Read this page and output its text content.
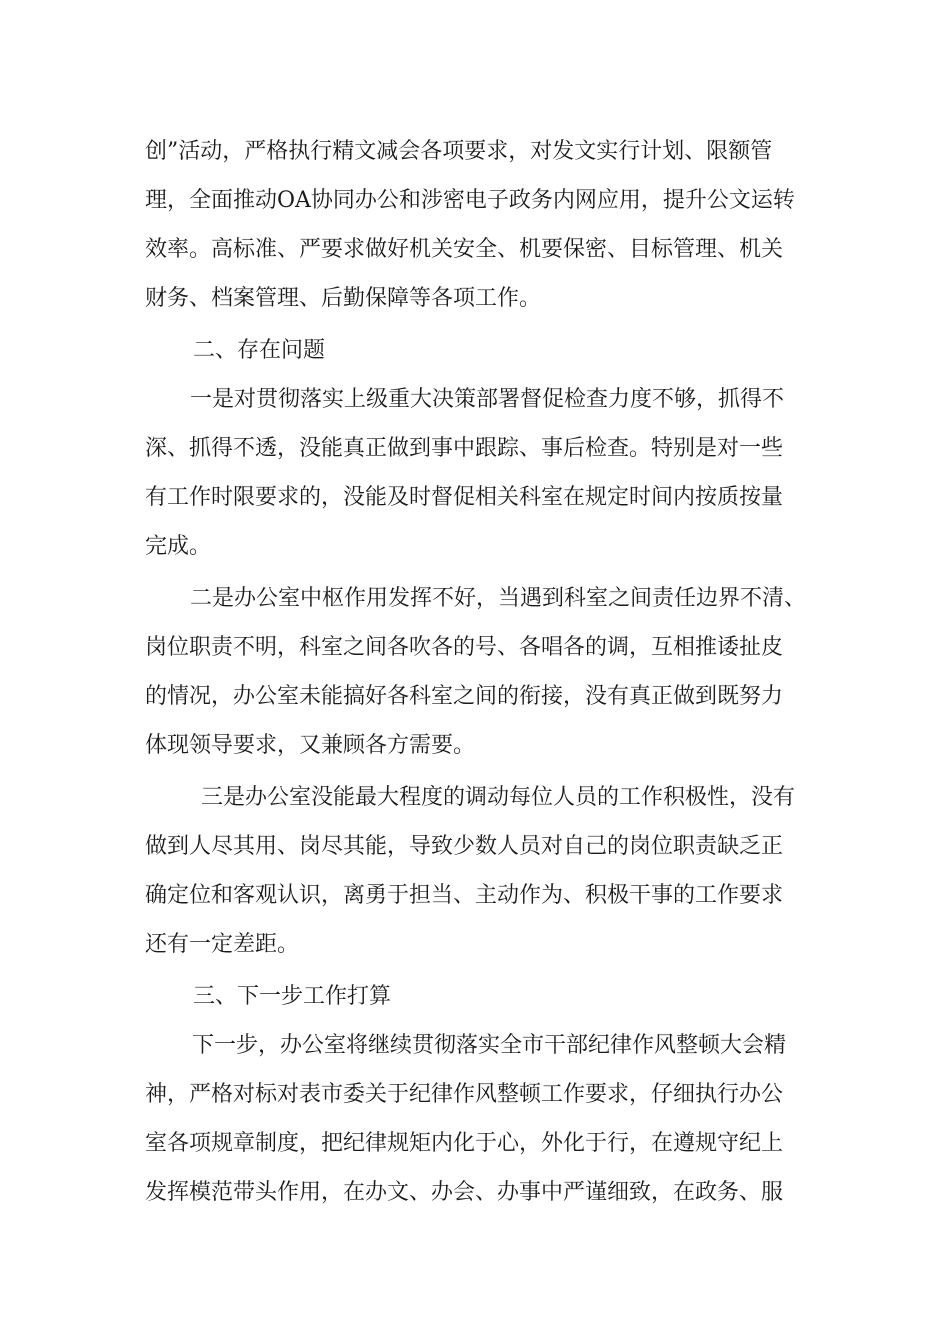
创”活动，严格执行精文减会各项要求，对发文实行计划、限额管
理，全面推动OA协同办公和涉密电子政务内网应用，提升公文运转
效率。高标准、严要求做好机关安全、机要保密、目标管理、机关
财务、档案管理、后勤保障等各项工作。
二、存在问题
一是对贯彻落实上级重大决策部署督促检查力度不够，抓得不
深、抓得不透，没能真正做到事中跟踪、事后检查。特别是对一些
有工作时限要求的，没能及时督促相关科室在规定时间内按质按量
完成。
二是办公室中枢作用发挥不好，当遇到科室之间责任边界不清、
岗位职责不明，科室之间各吹各的号、各唱各的调，互相推诿扯皮
的情况，办公室未能搞好各科室之间的衔接，没有真正做到既努力
体现领导要求，又兼顾各方需要。
三是办公室没能最大程度的调动每位人员的工作积极性，没有
做到人尽其用、岗尽其能，导致少数人员对自己的岗位职责缺乏正
确定位和客观认识，离勇于担当、主动作为、积极干事的工作要求
还有一定差距。
三、下一步工作打算
下一步，办公室将继续贯彻落实全市干部纪律作风整顿大会精
神，严格对标对表市委关于纪律作风整顿工作要求，仔细执行办公
室各项规章制度，把纪律规矩内化于心，外化于行，在遵规守纪上
发挥模范带头作用，在办文、办会、办事中严谨细致，在政务、服
